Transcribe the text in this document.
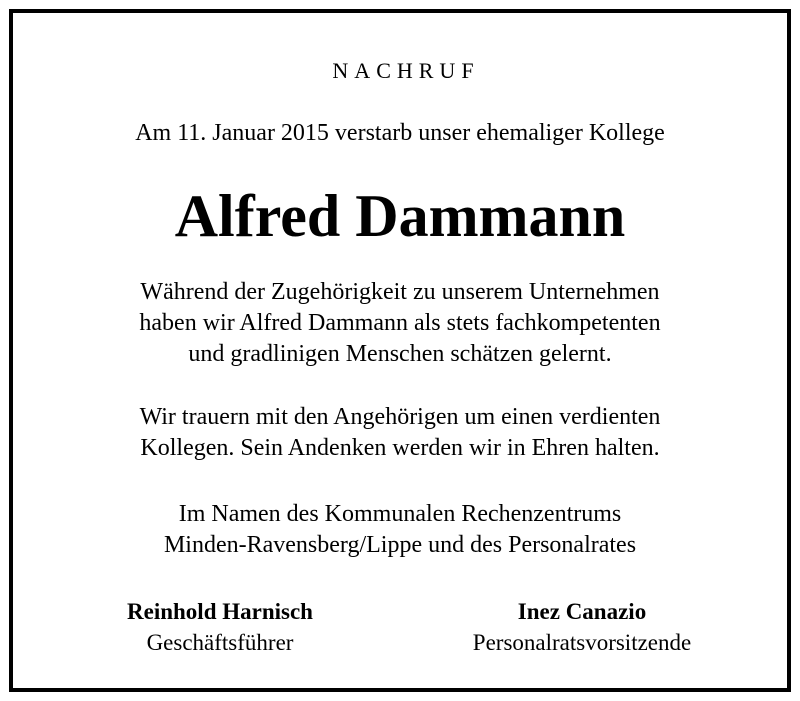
NACHRUF
Am 11. Januar 2015 verstarb unser ehemaliger Kollege
Alfred Dammann
Während der Zugehörigkeit zu unserem Unternehmen
haben wir Alfred Dammann als stets fachkompetenten
und gradlinigen Menschen schätzen gelernt.
Wir trauern mit den Angehörigen um einen verdienten
Kollegen. Sein Andenken werden wir in Ehren halten.
Im Namen des Kommunalen Rechenzentrums
Minden-Ravensberg/Lippe und des Personalrates
Reinhold Harnisch
Geschäftsführer
Inez Canazio
Personalratsvorsitzende
